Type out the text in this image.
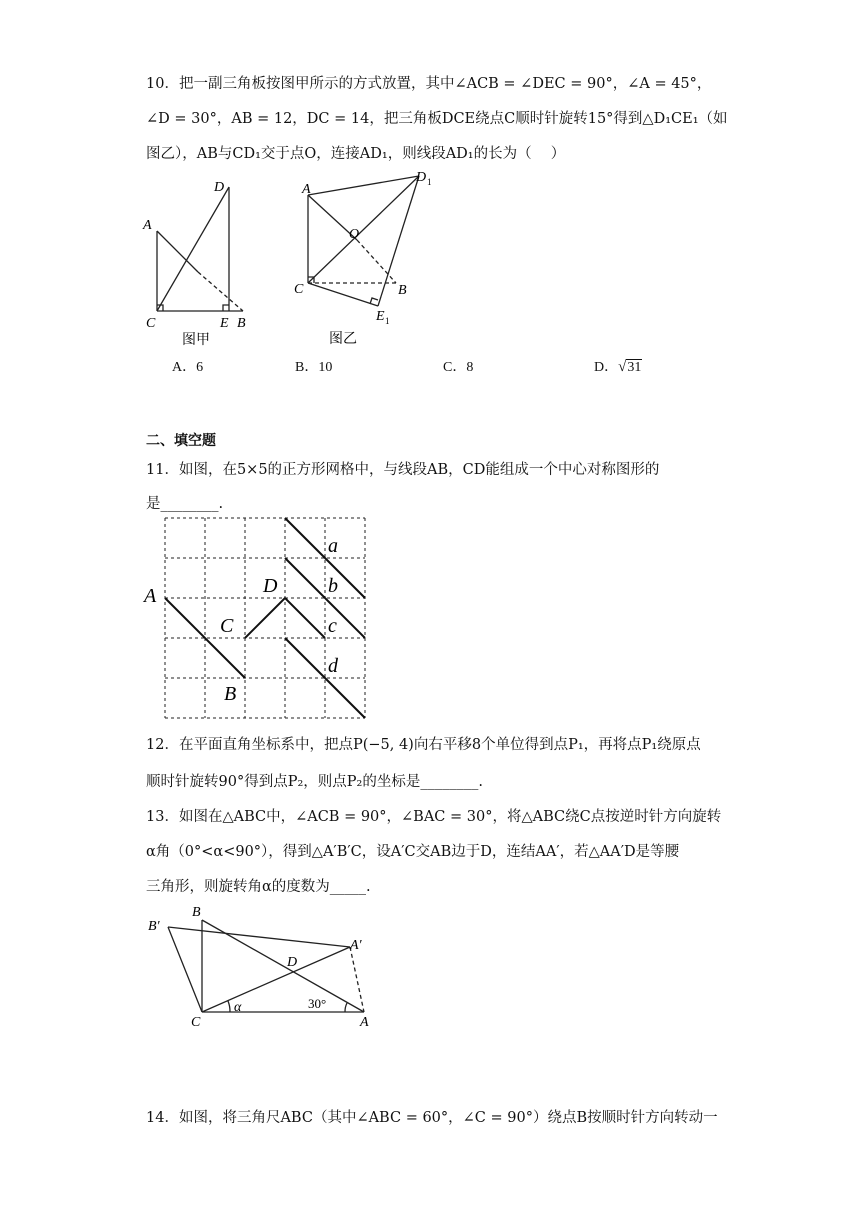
10．把一副三角板按图甲所示的方式放置，其中∠ACB = ∠DEC = 90°，∠A = 45°，
∠D = 30°，AB = 12，DC = 14，把三角板DCE绕点C顺时针旋转15°得到△D₁CE₁（如
图乙），AB与CD₁交于点O，连接AD₁，则线段AD₁的长为（　 ）
D
A
C	E B
图甲
A
D 1
O
C	B
E 1
图乙
A．6	B．10	C．8	D．√31
二、填空题
11．如图，在5×5的正方形网格中，与线段AB，CD能组成一个中心对称图形的
是________.
a
b
c
d
A
B
C
D
12．在平面直角坐标系中，把点P(−5, 4)向右平移8个单位得到点P₁，再将点P₁绕原点
顺时针旋转90°得到点P₂，则点P₂的坐标是________.
13．如图在△ABC中，∠ACB = 90°，∠BAC = 30°，将△ABC绕C点按逆时针方向旋转
α角（0°<α<90°），得到△A′B′C，设A′C交AB边于D，连结AA′，若△AA′D是等腰
三角形，则旋转角α的度数为_____.
B′
B
A′
D
C	A
α	30°
14．如图，将三角尺ABC（其中∠ABC = 60°，∠C = 90°）绕点B按顺时针方向转动一
